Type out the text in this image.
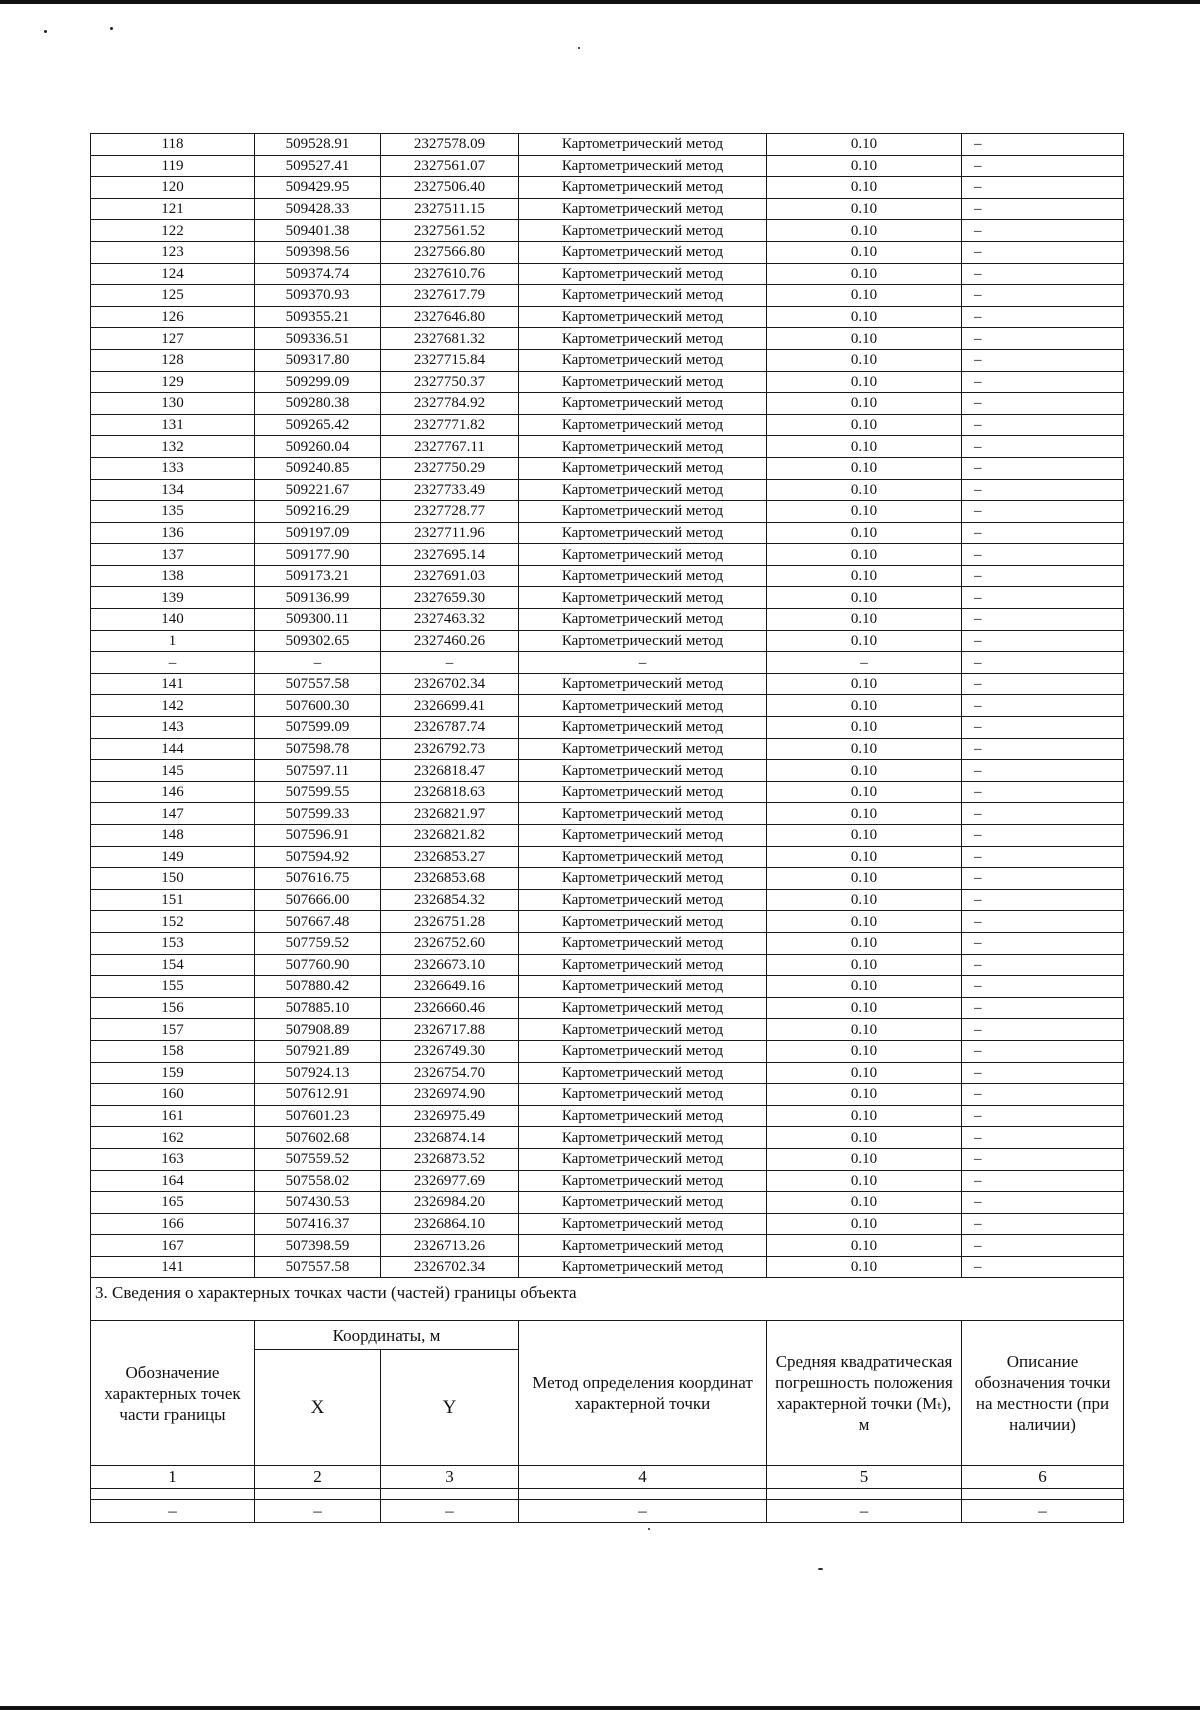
118	509528.91	2327578.09	Картометрический метод	0.10	–
119	509527.41	2327561.07	Картометрический метод	0.10	–
120	509429.95	2327506.40	Картометрический метод	0.10	–
121	509428.33	2327511.15	Картометрический метод	0.10	–
122	509401.38	2327561.52	Картометрический метод	0.10	–
123	509398.56	2327566.80	Картометрический метод	0.10	–
124	509374.74	2327610.76	Картометрический метод	0.10	–
125	509370.93	2327617.79	Картометрический метод	0.10	–
126	509355.21	2327646.80	Картометрический метод	0.10	–
127	509336.51	2327681.32	Картометрический метод	0.10	–
128	509317.80	2327715.84	Картометрический метод	0.10	–
129	509299.09	2327750.37	Картометрический метод	0.10	–
130	509280.38	2327784.92	Картометрический метод	0.10	–
131	509265.42	2327771.82	Картометрический метод	0.10	–
132	509260.04	2327767.11	Картометрический метод	0.10	–
133	509240.85	2327750.29	Картометрический метод	0.10	–
134	509221.67	2327733.49	Картометрический метод	0.10	–
135	509216.29	2327728.77	Картометрический метод	0.10	–
136	509197.09	2327711.96	Картометрический метод	0.10	–
137	509177.90	2327695.14	Картометрический метод	0.10	–
138	509173.21	2327691.03	Картометрический метод	0.10	–
139	509136.99	2327659.30	Картометрический метод	0.10	–
140	509300.11	2327463.32	Картометрический метод	0.10	–
1	509302.65	2327460.26	Картометрический метод	0.10	–
–	–	–	–	–	–
141	507557.58	2326702.34	Картометрический метод	0.10	–
142	507600.30	2326699.41	Картометрический метод	0.10	–
143	507599.09	2326787.74	Картометрический метод	0.10	–
144	507598.78	2326792.73	Картометрический метод	0.10	–
145	507597.11	2326818.47	Картометрический метод	0.10	–
146	507599.55	2326818.63	Картометрический метод	0.10	–
147	507599.33	2326821.97	Картометрический метод	0.10	–
148	507596.91	2326821.82	Картометрический метод	0.10	–
149	507594.92	2326853.27	Картометрический метод	0.10	–
150	507616.75	2326853.68	Картометрический метод	0.10	–
151	507666.00	2326854.32	Картометрический метод	0.10	–
152	507667.48	2326751.28	Картометрический метод	0.10	–
153	507759.52	2326752.60	Картометрический метод	0.10	–
154	507760.90	2326673.10	Картометрический метод	0.10	–
155	507880.42	2326649.16	Картометрический метод	0.10	–
156	507885.10	2326660.46	Картометрический метод	0.10	–
157	507908.89	2326717.88	Картометрический метод	0.10	–
158	507921.89	2326749.30	Картометрический метод	0.10	–
159	507924.13	2326754.70	Картометрический метод	0.10	–
160	507612.91	2326974.90	Картометрический метод	0.10	–
161	507601.23	2326975.49	Картометрический метод	0.10	–
162	507602.68	2326874.14	Картометрический метод	0.10	–
163	507559.52	2326873.52	Картометрический метод	0.10	–
164	507558.02	2326977.69	Картометрический метод	0.10	–
165	507430.53	2326984.20	Картометрический метод	0.10	–
166	507416.37	2326864.10	Картометрический метод	0.10	–
167	507398.59	2326713.26	Картометрический метод	0.10	–
141	507557.58	2326702.34	Картометрический метод	0.10	–
3. Сведения о характерных точках части (частей) границы объекта					
Обозначение характерных точек части границы	Координаты, м		Метод определения координат характерной точки	Средняя квадратическая погрешность положения характерной точки (Mₜ), м	Описание обозначения точки на местности (при наличии)
	X	Y			
1	2	3	4	5	6

–	–	–	–	–	–
